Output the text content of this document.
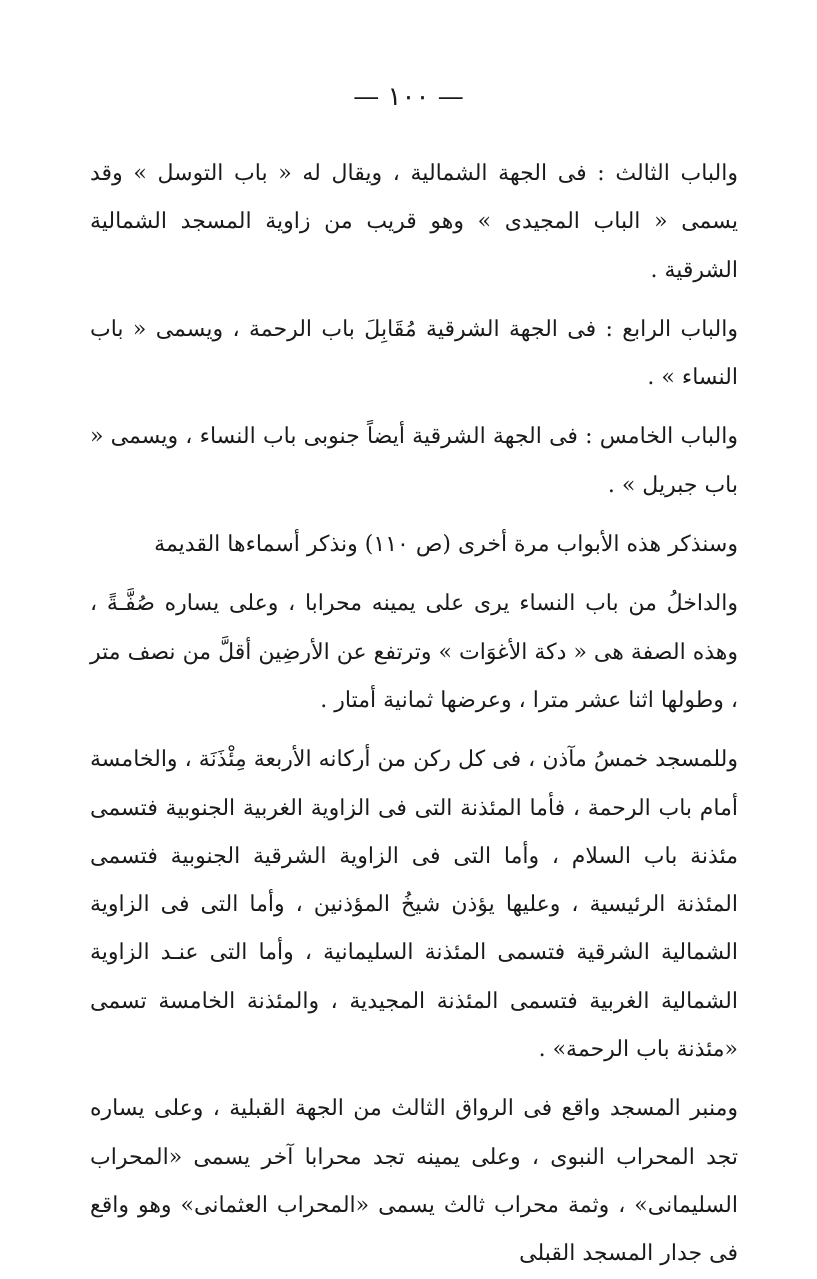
— ١٠٠ —

والباب الثالث : فى الجهة الشمالية ، ويقال له « باب التوسل » وقد يسمى « الباب المجيدى » وهو قريب من زاوية المسجد الشمالية الشرقية .

والباب الرابع : فى الجهة الشرقية مُقَابِلَ باب الرحمة ، ويسمى « باب النساء » .

والباب الخامس : فى الجهة الشرقية أيضاً جنوبى باب النساء ، ويسمى « باب جبريل » .

وسنذكر هذه الأبواب مرة أخرى (ص ١١٠) ونذكر أسماءها القديمة

والداخلُ من باب النساء يرى على يمينه محرابا ، وعلى يساره صُفَّـةً ، وهذه الصفة هى « دكة الأغوَات » وترتفع عن الأرضِين أقلَّ من نصف متر ، وطولها اثنا عشر مترا ، وعرضها ثمانية أمتار .

وللمسجد خمسُ مآذن ، فى كل ركن من أركانه الأربعة مِئْذَنَة ، والخامسة أمام باب الرحمة ، فأما المئذنة التى فى الزاوية الغربية الجنوبية فتسمى مئذنة باب السلام ، وأما التى فى الزاوية الشرقية الجنوبية فتسمى المئذنة الرئيسية ، وعليها يؤذن شيخُ المؤذنين ، وأما التى فى الزاوية الشمالية الشرقية فتسمى المئذنة السليمانية ، وأما التى عنـد الزاوية الشمالية الغربية فتسمى المئذنة المجيدية ، والمئذنة الخامسة تسمى «مئذنة باب الرحمة» .

ومنبر المسجد واقع فى الرواق الثالث من الجهة القبلية ، وعلى يساره تجد المحراب النبوى ، وعلى يمينه تجد محرابا آخر يسمى «المحراب السليمانى» ، وثمة محراب ثالث يسمى «المحراب العثمانى» وهو واقع فى جدار المسجد القبلى
